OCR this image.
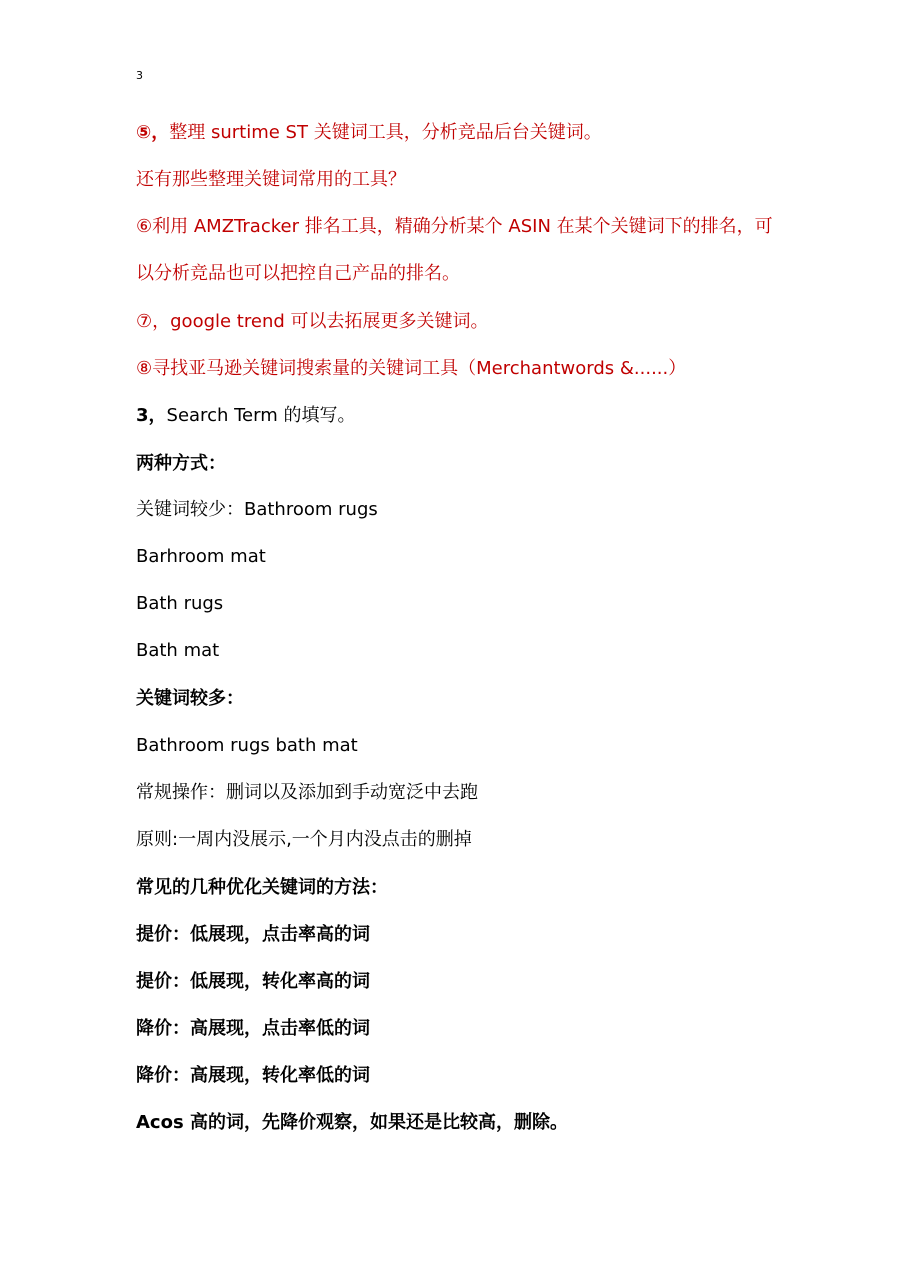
3
⑤，整理 surtime ST 关键词工具，分析竞品后台关键词。
还有那些整理关键词常用的工具？
⑥利用 AMZTracker 排名工具，精确分析某个 ASIN 在某个关键词下的排名，可
以分析竞品也可以把控自己产品的排名。
⑦，google trend 可以去拓展更多关键词。
⑧寻找亚马逊关键词搜索量的关键词工具（Merchantwords &......）
3，Search Term 的填写。
两种方式：
关键词较少：Bathroom rugs
Barhroom mat
Bath rugs
Bath mat
关键词较多：
Bathroom rugs bath mat
常规操作：删词以及添加到手动宽泛中去跑
原则:一周内没展示,一个月内没点击的删掉
常见的几种优化关键词的方法：
提价：低展现，点击率高的词
提价：低展现，转化率高的词
降价：高展现，点击率低的词
降价：高展现，转化率低的词
Acos 高的词，先降价观察，如果还是比较高，删除。
